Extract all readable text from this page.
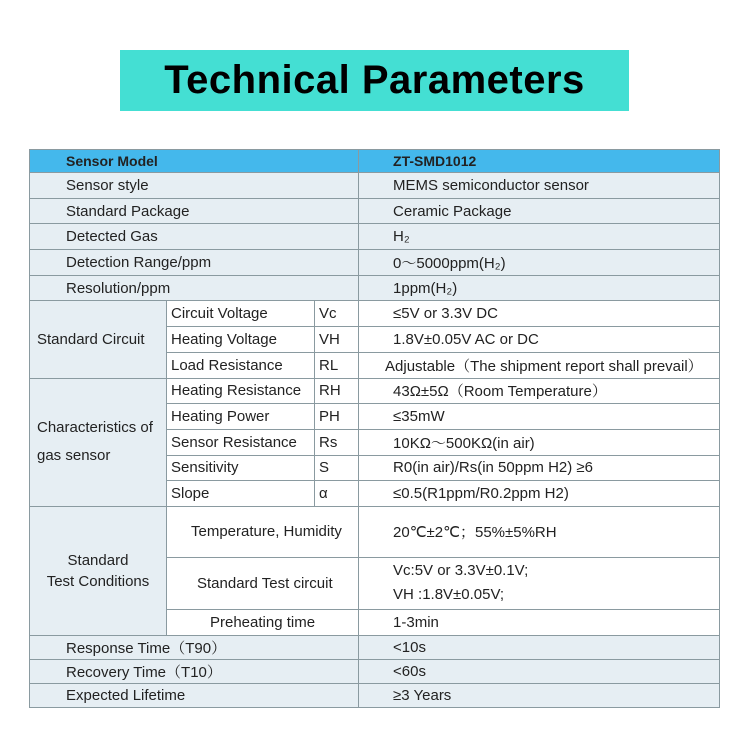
Technical Parameters
Sensor Model			ZT-SMD1012
Sensor style			MEMS semiconductor sensor
Standard Package			Ceramic Package
Detected Gas			H₂
Detection Range/ppm			0～5000ppm(H₂)
Resolution/ppm			1ppm(H₂)
Standard Circuit	Circuit Voltage	Vc	≤5V or 3.3V DC
	Heating Voltage	VH	1.8V±0.05V AC or DC
	Load Resistance	RL	Adjustable（The shipment report shall prevail）
Characteristics of
gas sensor	Heating Resistance	RH	43Ω±5Ω（Room Temperature）
	Heating Power	PH	≤35mW
	Sensor Resistance	Rs	10KΩ～500KΩ(in air)
	Sensitivity	S	R0(in air)/Rs(in 50ppm H2) ≥6
	Slope	α	≤0.5(R1ppm/R0.2ppm H2)
Standard
Test Conditions	Temperature, Humidity		20℃±2℃；55%±5%RH
	Standard Test circuit		Vc:5V or 3.3V±0.1V;
VH :1.8V±0.05V;
	Preheating time		1-3min
Response Time（T90）			<10s
Recovery Time（T10）			<60s
Expected Lifetime			≥3 Years
